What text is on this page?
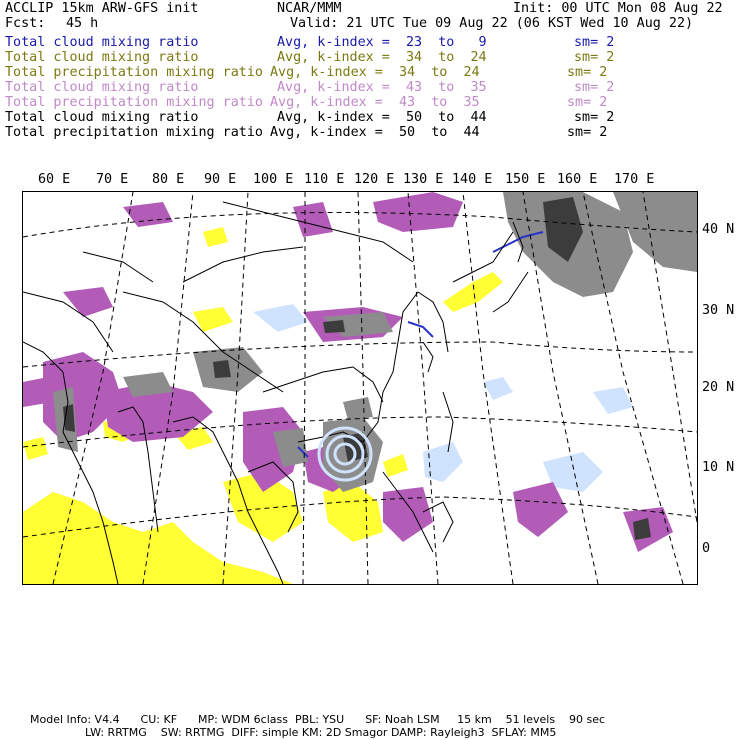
ACCLIP 15km ARW-GFS init	NCAR/MMM	Init: 00 UTC Mon 08 Aug 22
Fcst: 45 h	Valid: 21 UTC Tue 09 Aug 22 (06 KST Wed 10 Aug 22)
Total cloud mixing ratio	Avg, k-index =  23  to   9	sm= 2
Total cloud mixing ratio	Avg, k-index =  34  to  24	sm= 2
Total precipitation mixing ratio Avg, k-index =  34  to  24	sm= 2
Total cloud mixing ratio	Avg, k-index =  43  to  35	sm= 2
Total precipitation mixing ratio Avg, k-index =  43  to  35	sm= 2
Total cloud mixing ratio	Avg, k-index =  50  to  44	sm= 2
Total precipitation mixing ratio Avg, k-index =  50  to  44	sm= 2
60 E 70 E 80 E 90 E 100 E 110 E 120 E 130 E 140 E 150 E 160 E 170 E
40 N
30 N
20 N
10 N
0
Model Info: V4.4      CU: KF      MP: WDM 6class  PBL: YSU      SF: Noah LSM     15 km    51 levels    90 sec
LW: RRTMG    SW: RRTMG  DIFF: simple KM: 2D Smagor DAMP: Rayleigh3  SFLAY: MM5
